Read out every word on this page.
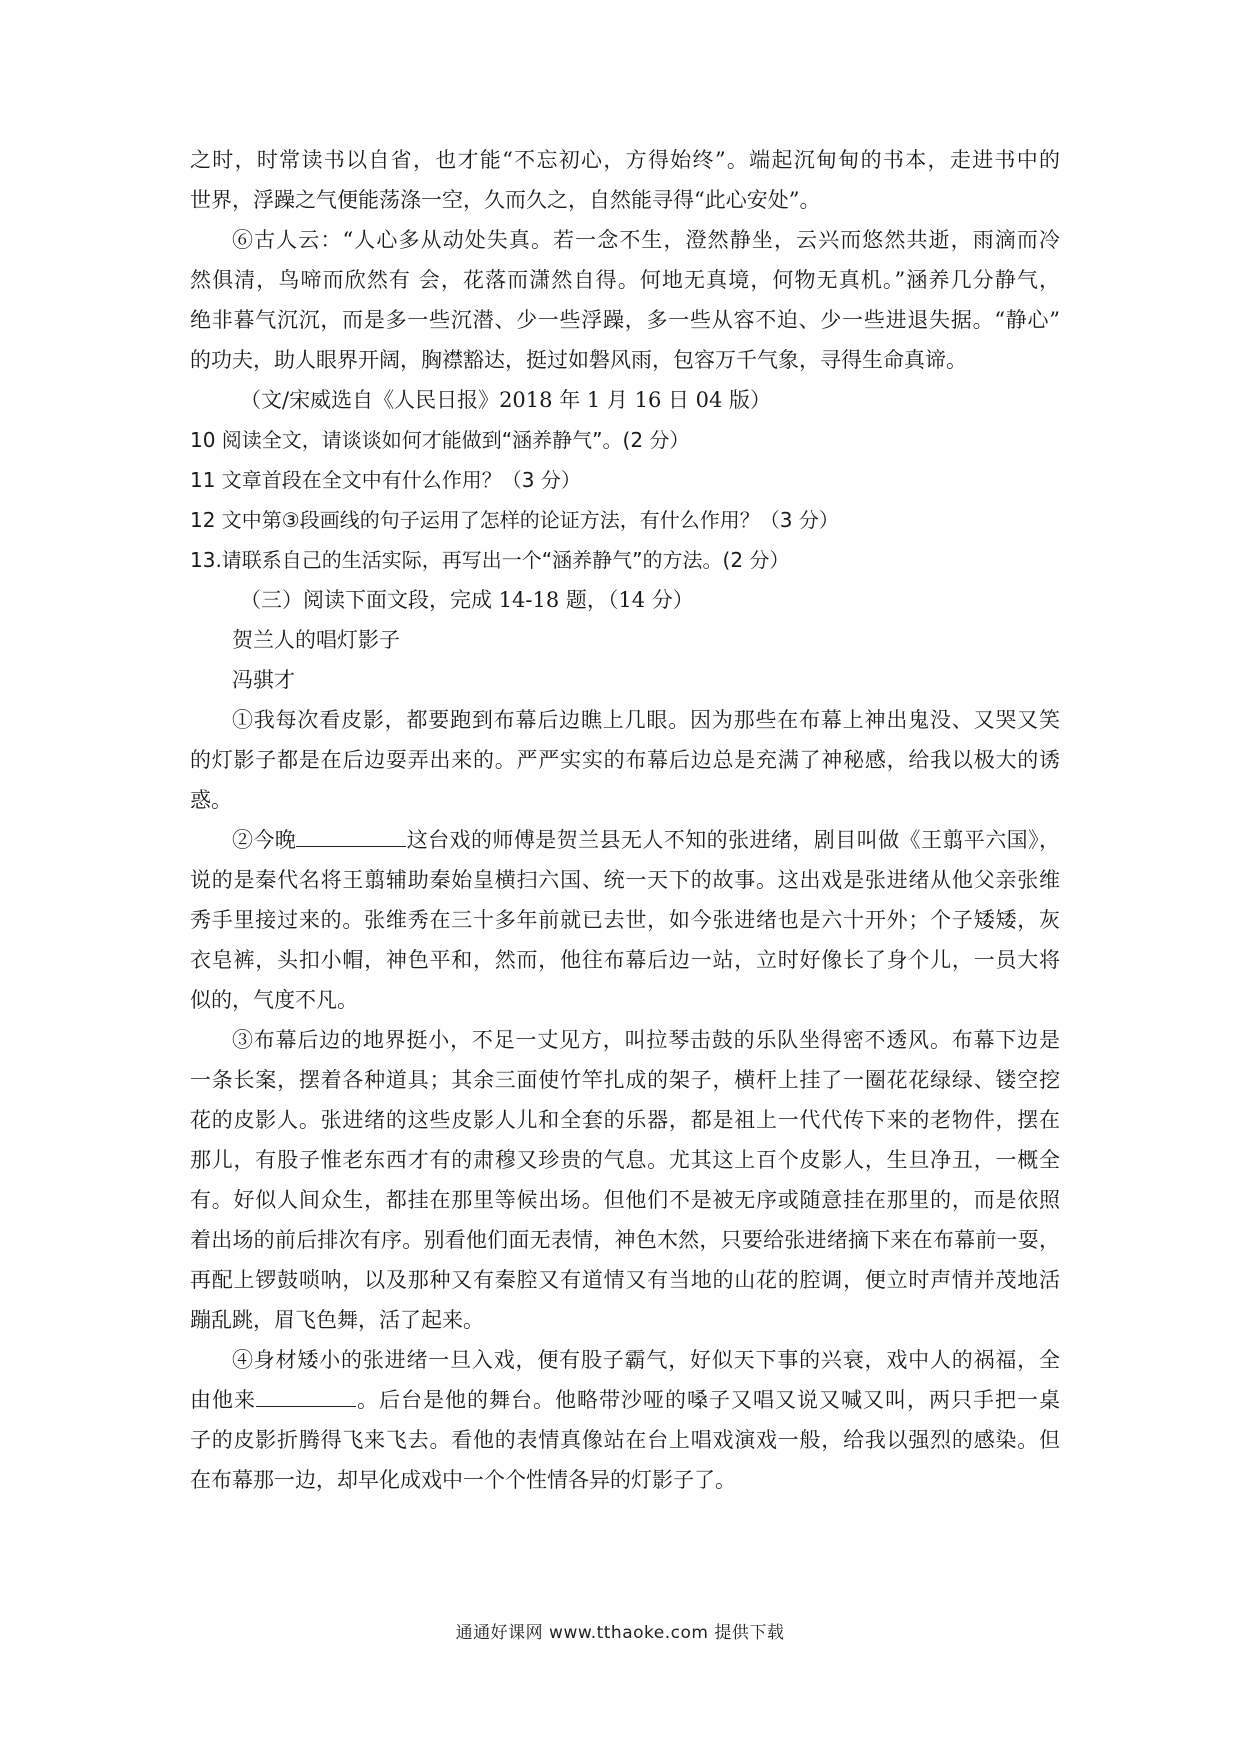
之时，时常读书以自省，也才能“不忘初心，方得始终”。端起沉甸甸的书本，走进书中的
世界，浮躁之气便能荡涤一空，久而久之，自然能寻得“此心安处”。
⑥古人云：“人心多从动处失真。若一念不生，澄然静坐，云兴而悠然共逝，雨滴而冷
然俱清，鸟啼而欣然有 会，花落而潇然自得。何地无真境，何物无真机。”涵养几分静气，
绝非暮气沉沉，而是多一些沉潜、少一些浮躁，多一些从容不迫、少一些进退失据。“静心”
的功夫，助人眼界开阔，胸襟豁达，挺过如磐风雨，包容万千气象，寻得生命真谛。
（文/宋威选自《人民日报》2018 年 1 月 16 日 04 版）
10 阅读全文，请谈谈如何才能做到“涵养静气”。(2 分）
11 文章首段在全文中有什么作用？（3 分）
12 文中第③段画线的句子运用了怎样的论证方法，有什么作用？（3 分）
13.请联系自己的生活实际，再写出一个“涵养静气”的方法。(2 分）
（三）阅读下面文段，完成 14-18 题，（14 分）
贺兰人的唱灯影子
冯骐才
①我每次看皮影，都要跑到布幕后边瞧上几眼。因为那些在布幕上神出鬼没、又哭又笑
的灯影子都是在后边耍弄出来的。严严实实的布幕后边总是充满了神秘感，给我以极大的诱
惑。
②今晚	这台戏的师傅是贺兰县无人不知的张进绪，剧目叫做《王翦平六国》，
说的是秦代名将王翦辅助秦始皇横扫六国、统一天下的故事。这出戏是张进绪从他父亲张维
秀手里接过来的。张维秀在三十多年前就已去世，如今张进绪也是六十开外；个子矮矮，灰
衣皂裤，头扣小帽，神色平和，然而，他往布幕后边一站，立时好像长了身个儿，一员大将
似的，气度不凡。
③布幕后边的地界挺小，不足一丈见方，叫拉琴击鼓的乐队坐得密不透风。布幕下边是
一条长案，摆着各种道具；其余三面使竹竿扎成的架子，横杆上挂了一圈花花绿绿、镂空挖
花的皮影人。张进绪的这些皮影人儿和全套的乐器，都是祖上一代代传下来的老物件，摆在
那儿，有股子惟老东西才有的肃穆又珍贵的气息。尤其这上百个皮影人，生旦净丑，一概全
有。好似人间众生，都挂在那里等候出场。但他们不是被无序或随意挂在那里的，而是依照
着出场的前后排次有序。别看他们面无表情，神色木然，只要给张进绪摘下来在布幕前一耍，
再配上锣鼓唢呐，以及那种又有秦腔又有道情又有当地的山花的腔调，便立时声情并茂地活
蹦乱跳，眉飞色舞，活了起来。
④身材矮小的张进绪一旦入戏，便有股子霸气，好似天下事的兴衰，戏中人的祸福，全
由他来	。后台是他的舞台。他略带沙哑的嗓子又唱又说又喊又叫，两只手把一桌
子的皮影折腾得飞来飞去。看他的表情真像站在台上唱戏演戏一般，给我以强烈的感染。但
在布幕那一边，却早化成戏中一个个性情各异的灯影子了。
通通好课网 www.tthaoke.com 提供下载
